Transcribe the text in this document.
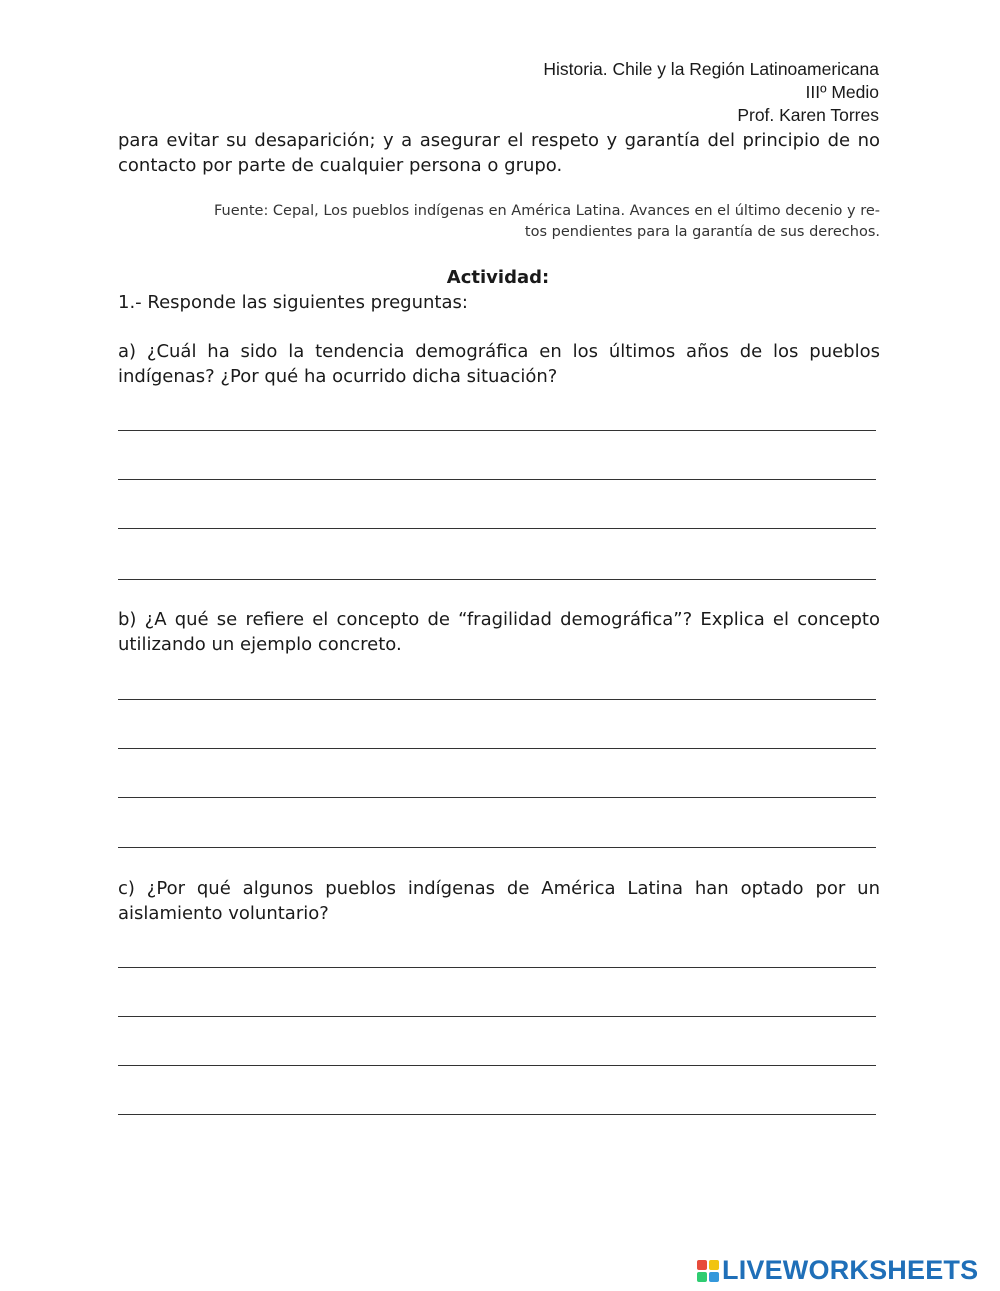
Historia. Chile y la Región Latinoamericana
IIIº Medio
Prof. Karen Torres
para evitar su desaparición; y a asegurar el respeto y garantía del principio de no contacto por parte de cualquier persona o grupo.
Fuente: Cepal, Los pueblos indígenas en América Latina. Avances en el último decenio y re-
tos pendientes para la garantía de sus derechos.
Actividad:
1.- Responde las siguientes preguntas:
a) ¿Cuál ha sido la tendencia demográfica en los últimos años de los pueblos indígenas? ¿Por qué ha ocurrido dicha situación?
b) ¿A qué se refiere el concepto de “fragilidad demográfica”? Explica el concepto utilizando un ejemplo concreto.
c) ¿Por qué algunos pueblos indígenas de América Latina han optado por un aislamiento voluntario?
LIVEWORKSHEETS
